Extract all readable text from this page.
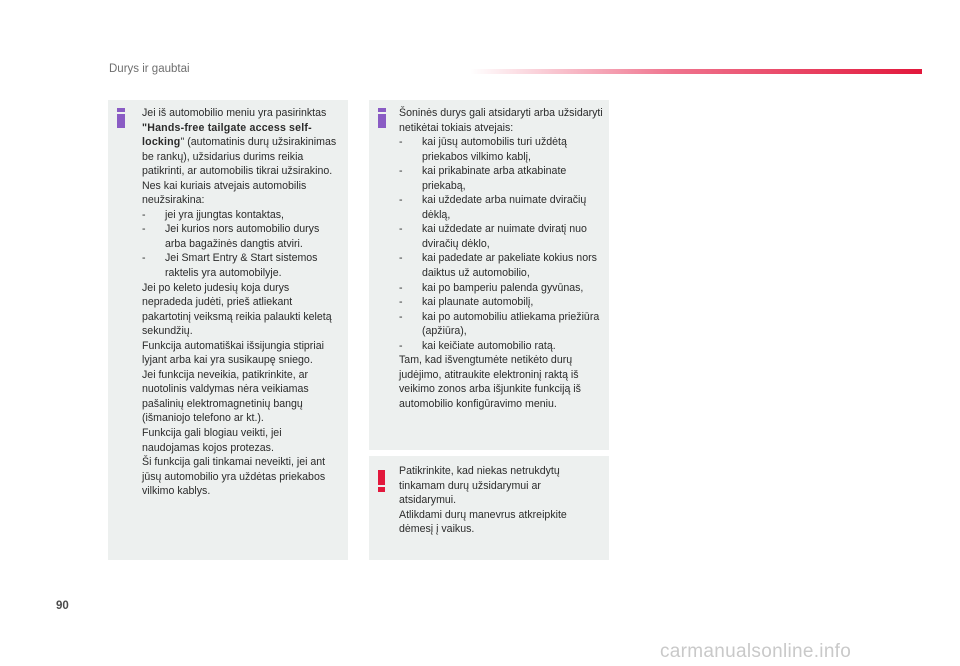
Durys ir gaubtai

Jei iš automobilio meniu yra pasirinktas "Hands-free tailgate access self-locking" (automatinis durų užsirakinimas be rankų), užsidarius durims reikia patikrinti, ar automobilis tikrai užsirakino.

Nes kai kuriais atvejais automobilis neužsirakina:

-	jei yra įjungtas kontaktas,
-	Jei kurios nors automobilio durys arba bagažinės dangtis atviri.
-	Jei Smart Entry & Start sistemos raktelis yra automobilyje.

Jei po keleto judesių koja durys nepradeda judėti, prieš atliekant pakartotinį veiksmą reikia palaukti keletą sekundžių.

Funkcija automatiškai išsijungia stipriai lyjant arba kai yra susikaupę sniego.

Jei funkcija neveikia, patikrinkite, ar nuotolinis valdymas nėra veikiamas pašalinių elektromagnetinių bangų (išmaniojo telefono ar kt.).

Funkcija gali blogiau veikti, jei naudojamas kojos protezas.

Ši funkcija gali tinkamai neveikti, jei ant jūsų automobilio yra uždėtas priekabos vilkimo kablys.

Šoninės durys gali atsidaryti arba užsidaryti netikėtai tokiais atvejais:

-	kai jūsų automobilis turi uždėtą priekabos vilkimo kablį,
-	kai prikabinate arba atkabinate priekabą,
-	kai uždedate arba nuimate dviračių dėklą,
-	kai uždedate ar nuimate dviratį nuo dviračių dėklo,
-	kai padedate ar pakeliate kokius nors daiktus už automobilio,
-	kai po bamperiu palenda gyvūnas,
-	kai plaunate automobilį,
-	kai po automobiliu atliekama priežiūra (apžiūra),
-	kai keičiate automobilio ratą.

Tam, kad išvengtumėte netikėto durų judėjimo, atitraukite elektroninį raktą iš veikimo zonos arba išjunkite funkciją iš automobilio konfigūravimo meniu.

Patikrinkite, kad niekas netrukdytų tinkamam durų užsidarymui ar atsidarymui.

Atlikdami durų manevrus atkreipkite dėmesį į vaikus.

90
carmanualsonline.info
